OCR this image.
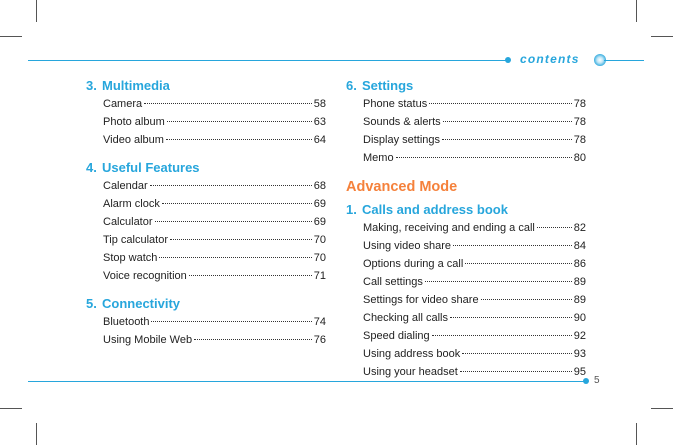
contents
5
3. Multimedia
Camera	58
Photo album	63
Video album	64
4. Useful Features
Calendar	68
Alarm clock	69
Calculator	69
Tip calculator	70
Stop watch	70
Voice recognition	71
5. Connectivity
Bluetooth	74
Using Mobile Web	76
6. Settings
Phone status	78
Sounds & alerts	78
Display settings	78
Memo	80
Advanced Mode
1. Calls and address book
Making, receiving and ending a call	82
Using video share	84
Options during a call	86
Call settings	89
Settings for video share	89
Checking all calls	90
Speed dialing	92
Using address book	93
Using your headset	95
